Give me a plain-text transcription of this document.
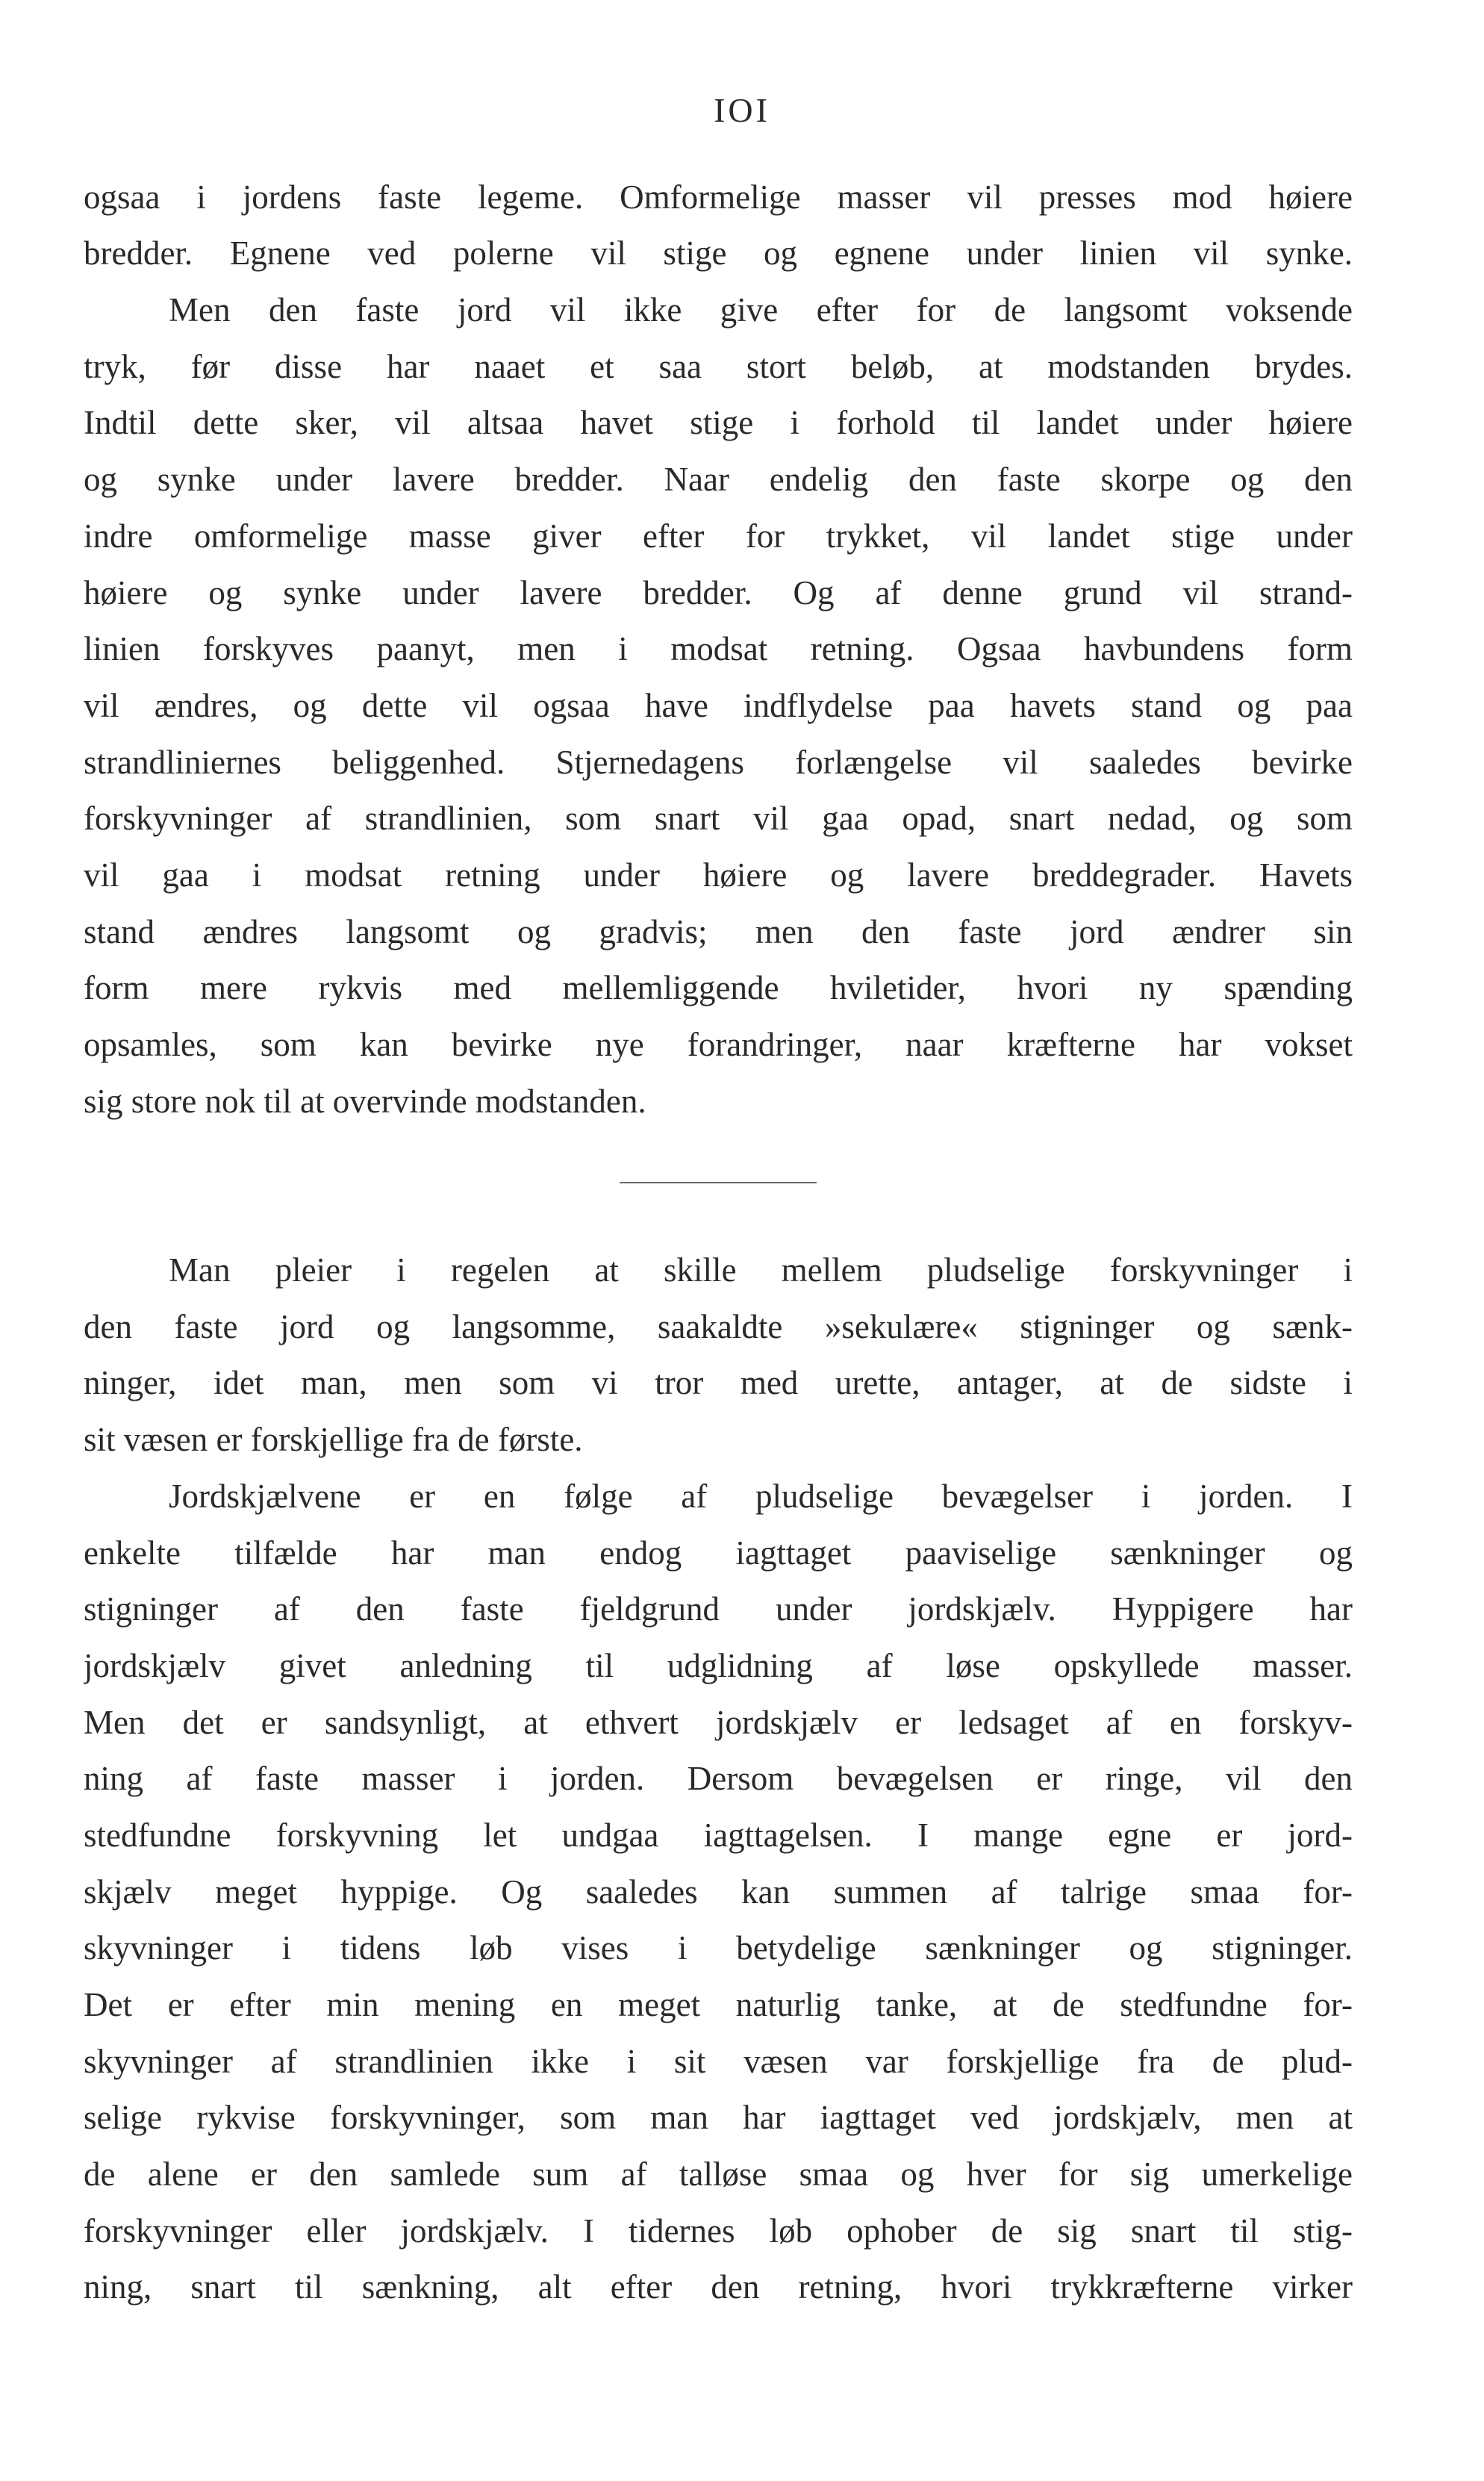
IOI
ogsaa i jordens faste legeme. Omformelige masser vil presses mod høiere
bredder. Egnene ved polerne vil stige og egnene under linien vil synke.
Men den faste jord vil ikke give efter for de langsomt voksende
tryk, før disse har naaet et saa stort beløb, at modstanden brydes.
Indtil dette sker, vil altsaa havet stige i forhold til landet under høiere
og synke under lavere bredder. Naar endelig den faste skorpe og den
indre omformelige masse giver efter for trykket, vil landet stige under
høiere og synke under lavere bredder. Og af denne grund vil strand-
linien forskyves paanyt, men i modsat retning. Ogsaa havbundens form
vil ændres, og dette vil ogsaa have indflydelse paa havets stand og paa
strandliniernes beliggenhed. Stjernedagens forlængelse vil saaledes bevirke
forskyvninger af strandlinien, som snart vil gaa opad, snart nedad, og som
vil gaa i modsat retning under høiere og lavere breddegrader. Havets
stand ændres langsomt og gradvis; men den faste jord ændrer sin
form mere rykvis med mellemliggende hviletider, hvori ny spænding
opsamles, som kan bevirke nye forandringer, naar kræfterne har vokset
sig store nok til at overvinde modstanden.
Man pleier i regelen at skille mellem pludselige forskyvninger i
den faste jord og langsomme, saakaldte »sekulære« stigninger og sænk-
ninger, idet man, men som vi tror med urette, antager, at de sidste i
sit væsen er forskjellige fra de første.
Jordskjælvene er en følge af pludselige bevægelser i jorden. I
enkelte tilfælde har man endog iagttaget paavіselige sænkninger og
stigninger af den faste fjeldgrund under jordskjælv. Hyppigere har
jordskjælv givet anledning til udglidning af løse opskyllede masser.
Men det er sandsynligt, at ethvert jordskjælv er ledsaget af en forskyv-
ning af faste masser i jorden. Dersom bevægelsen er ringe, vil den
stedfundne forskyvning let undgaa iagttagelsen. I mange egne er jord-
skjælv meget hyppige. Og saaledes kan summen af talrige smaa for-
skyvninger i tidens løb vises i betydelige sænkninger og stigninger.
Det er efter min mening en meget naturlig tanke, at de stedfundne for-
skyvninger af strandlinien ikke i sit væsen var forskjellige fra de plud-
selige rykvise forskyvninger, som man har iagttaget ved jordskjælv, men at
de alene er den samlede sum af talløse smaa og hver for sig umerkelige
forskyvninger eller jordskjælv. I tidernes løb ophober de sig snart til stig-
ning, snart til sænkning, alt efter den retning, hvori trykkræfterne virker
